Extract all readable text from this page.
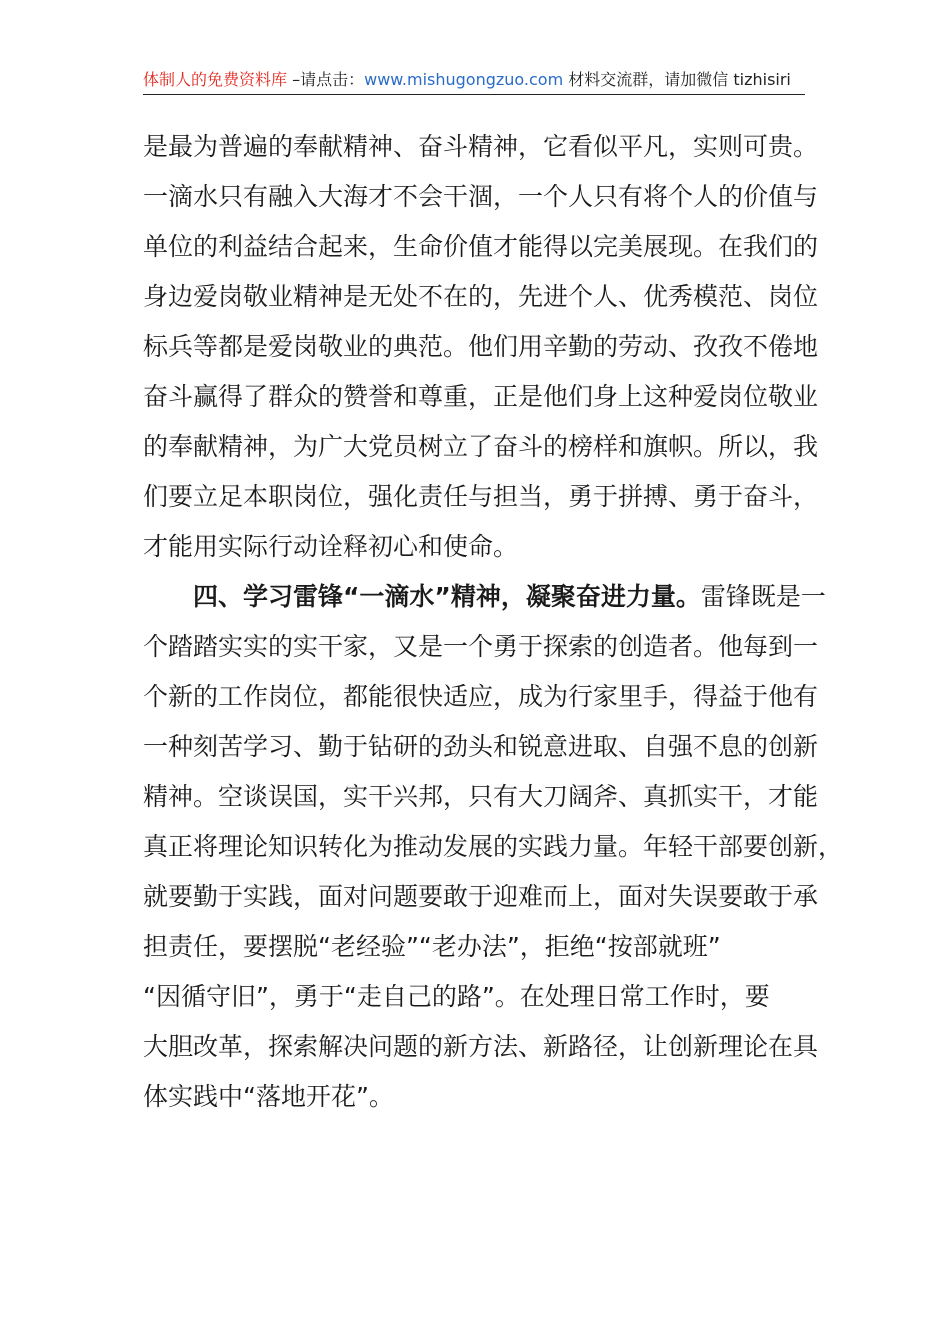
体制人的免费资料库 –请点击：www.mishugongzuo.com 材料交流群，请加微信 tizhisiri
是最为普遍的奉献精神、奋斗精神，它看似平凡，实则可贵。
一滴水只有融入大海才不会干涸，一个人只有将个人的价值与
单位的利益结合起来，生命价值才能得以完美展现。在我们的
身边爱岗敬业精神是无处不在的，先进个人、优秀模范、岗位
标兵等都是爱岗敬业的典范。他们用辛勤的劳动、孜孜不倦地
奋斗赢得了群众的赞誉和尊重，正是他们身上这种爱岗位敬业
的奉献精神，为广大党员树立了奋斗的榜样和旗帜。所以，我
们要立足本职岗位，强化责任与担当，勇于拼搏、勇于奋斗，
才能用实际行动诠释初心和使命。
四、学习雷锋“一滴水”精神，凝聚奋进力量。雷锋既是一
个踏踏实实的实干家，又是一个勇于探索的创造者。他每到一
个新的工作岗位，都能很快适应，成为行家里手，得益于他有
一种刻苦学习、勤于钻研的劲头和锐意进取、自强不息的创新
精神。空谈误国，实干兴邦，只有大刀阔斧、真抓实干，才能
真正将理论知识转化为推动发展的实践力量。年轻干部要创新，
就要勤于实践，面对问题要敢于迎难而上，面对失误要敢于承
担责任，要摆脱“老经验”“老办法”，拒绝“按部就班”
“因循守旧”，勇于“走自己的路”。在处理日常工作时，要
大胆改革，探索解决问题的新方法、新路径，让创新理论在具
体实践中“落地开花”。
